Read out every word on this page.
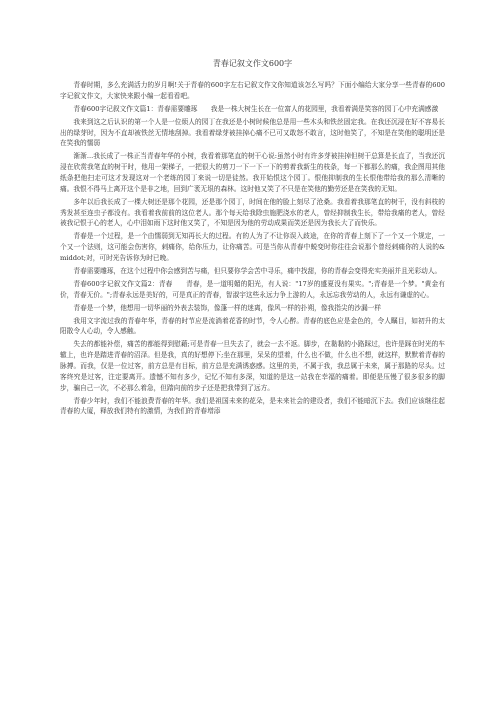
青春记叙文作文600字

青春时期，多么充满活力的岁月啊!关于青春的600字左右记叙文作文你知道该怎么写吗？下面小编给大家分享一些青春的600字记叙文作文，大家快来跟小编一起看看吧。

青春600字记叙文作文篇1：青春需要雕琢　　我是一株大树生长在一位富人的花园里，我看着满是笑容的园丁心中充满感激

我来到这之后认识的第一个人是一位烦人的园丁在我还是小树时候他总是用一些木头和铁丝固定我。在我还沉浸在好不容易长出的绿芽时，因为不直却被铁丝无情地刮掉。我看着绿芽被挂掉心痛不已可又敢怒不敢言，这时他笑了，不知是在笑他的聪明还是在笑我的懦弱

渐渐...我长成了一株正当青春年华的小树，我看着那笔直的树干心说:虽然小时有许多芽被挂掉但树干总算是长直了，当我还沉浸在欣赏我笔直的树干时，他用一架梯子，一把很大的剪刀一下一下一下的剪着我新生的枝条，每一下都那么的痛，我企图用其他纸条把他扫走可这才发现这对一个老练的园丁来说一切是徒然。我开始恨这个园丁。恨他抑制我的生长恨他带给我的那么清晰的痛。我恨不得马上离开这个是非之地，回到广袤无垠的森林。这时他又笑了不只是在笑他的勤劳还是在笑我的无知。

多年以后我长成了一棵大树还是那个花园，还是那个园丁，时间在他的脸上刻尽了沧桑。我看着我那笔直的树干，没有斜枝的秀发甚至连虫子都没有。我看着我前前的这位老人。那个每天给我除虫施肥浇水的老人，曾经抑制我生长，带给我痛的老人，曾经被我记恨于心的老人，心中泪如雨下这时他又笑了，不知是因为他的劳动成果而笑还是因为我长大了而快乐。

青春是一个过程，是一个由懦弱到无知再长大的过程。有的人为了不让你误入歧途，在你的青春上刻下了一个又一个规定，一个又一个法则，这可能会伤害你，刺痛你，给你压力，让你痛苦。可是当你从青春中蜕变时你往往会说那个曾经刺痛你的人说的&middot;对，可时光告诉你为时已晚。

青春需要雕琢，在这个过程中你会感到苦与痛，但只要你学会苦中寻乐，痛中找甜，你的青春会变得充实美丽并且光彩动人。

青春600字记叙文作文篇2：青春　　青春，是一道明媚的阳光，有人说："17岁的盛夏没有果实。";青春是一个梦。"黄金有价，青春无价。";青春永远是美好的，可是真正的青春，智淑宇这些永远力争上游的人，永远忘我劳动的人，永远有谦虚的心。

青春是一个梦，他想用一切华丽的外表去装饰，像蓬一样的迷离，像风一样的扑朔，像我指尖的沙漏一样

我用文字流过我的青春年华，青春的时节应是流淌着花香的时节，令人心醉。青春的底色应是金色的，令人瞩目，如初升的太阳散令人心动，令人感触。

失去的都能补偿，痛苦的都能得到慰藉;可是青春一旦失去了，就会一去不返。脚步，在黏黏的小路踩过，也许是踩在时光的车辙上，也许是踏进青春的沼泽。但是我，真的好想停下;坐在那里，呆呆的望着，什么也不做，什么也不想，就这样，默默着青春的脉搏。而我，仅是一位过客，前方总是有目标，前方总是充满诱惑感。这里的美，不属于我，我总属于未来，属于那路的尽头。过客终究是过客，注定要离开。遗憾不知有多少，记忆不知有多深，知道的是这一站我在幸福的痛着。即便是压慢了很多很多的脚步，骗自己一次，不必那么着急，但踏向前的步子还是把我带到了远方。

青春少年时，我们不能浪费青春的年华。我们是祖国未来的花朵，是未来社会的建设者，我们不能暗沉下去。我们应该继往起青春的大厦，释放我们特有的激情，为我们的青春增添
